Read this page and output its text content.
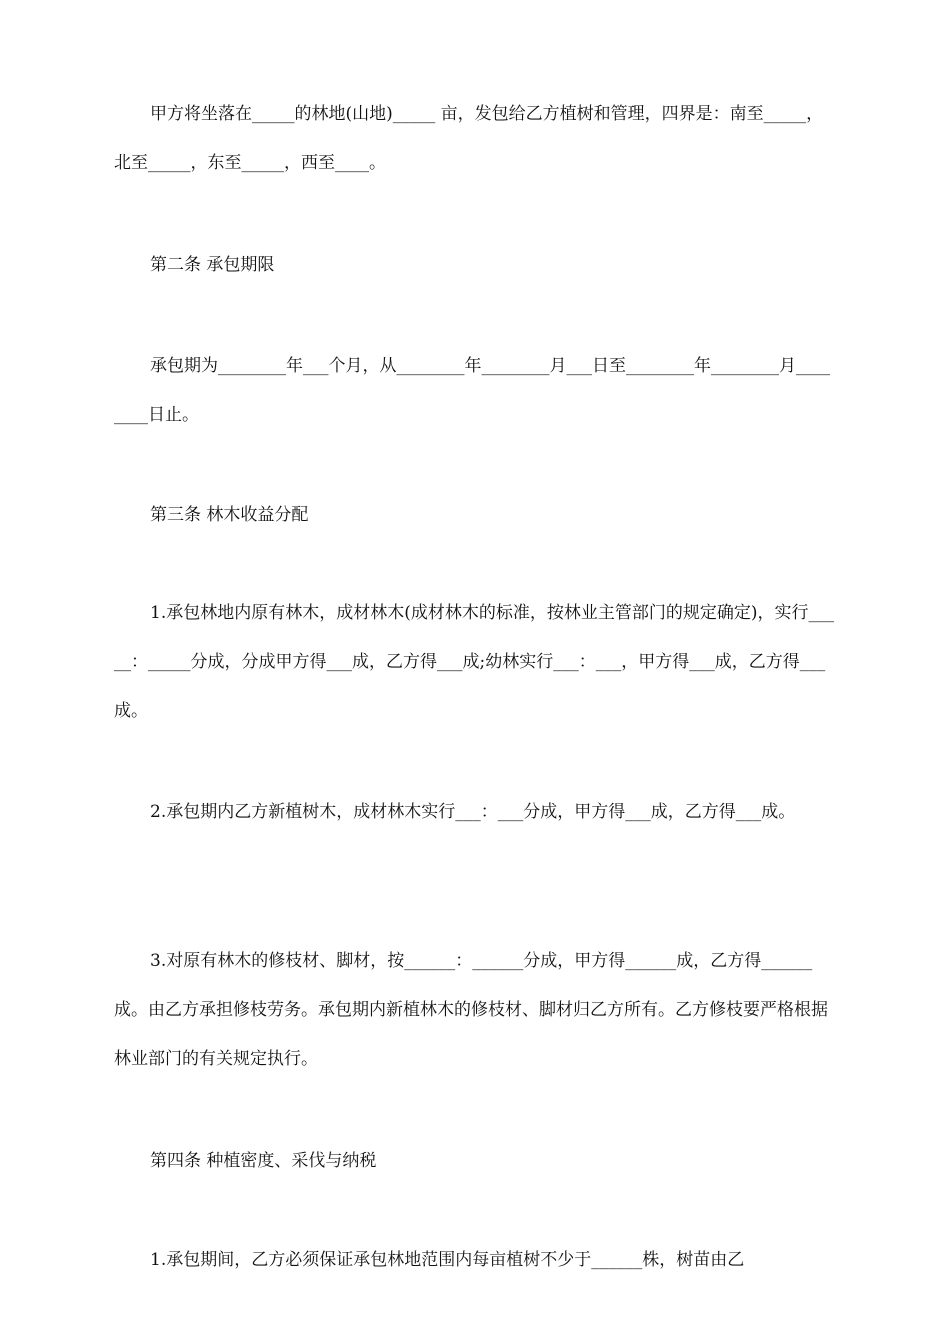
甲方将坐落在_____的林地(山地)_____ 亩，发包给乙方植树和管理，四界是：南至_____，北至_____，东至_____，西至____。

第二条 承包期限

承包期为________年___个月，从________年________月___日至________年________月________日止。

第三条 林木收益分配

1.承包林地内原有林木，成材林木(成材林木的标准，按林业主管部门的规定确定)，实行_____：_____分成，分成甲方得___成，乙方得___成;幼林实行___：___，甲方得___成，乙方得___成。

2.承包期内乙方新植树木，成材林木实行___：___分成，甲方得___成，乙方得___成。

3.对原有林木的修枝材、脚材，按______：______分成，甲方得______成，乙方得______成。由乙方承担修枝劳务。承包期内新植林木的修枝材、脚材归乙方所有。乙方修枝要严格根据林业部门的有关规定执行。

第四条 种植密度、采伐与纳税

1.承包期间，乙方必须保证承包林地范围内每亩植树不少于______株，树苗由乙
